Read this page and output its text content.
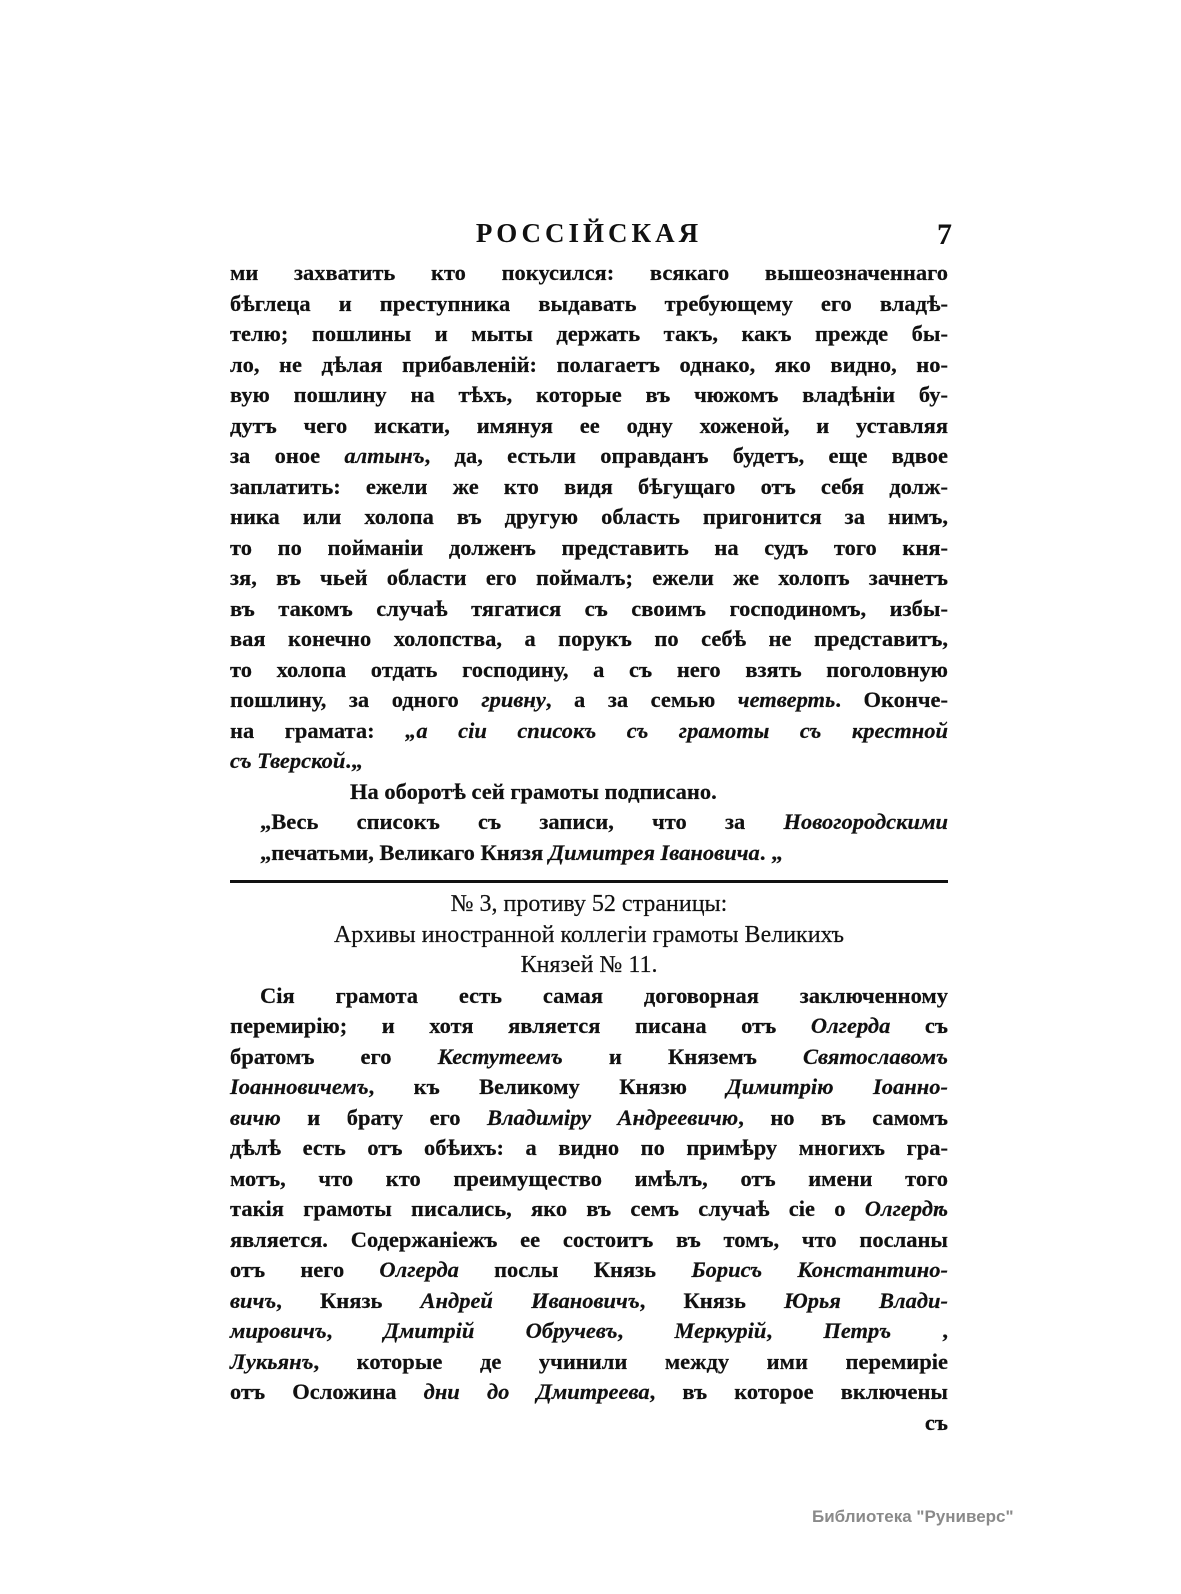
РОССІЙСКАЯ	7
ми захватить кто покусился: всякаго вышеозначеннаго
бѣглеца и преступника выдавать требующему его владѣ-
телю; пошлины и мыты держать такъ, какъ прежде бы-
ло, не дѣлая прибавленій: полагаетъ однако, яко видно, но-
вую пошлину на тѣхъ, которые въ чюжомъ владѣніи бу-
дутъ чего искати, имянуя ее одну хоженой, и уставляя
за оное алтынъ, да, естьли оправданъ будетъ, еще вдвое
заплатить: ежели же кто видя бѣгущаго отъ себя долж-
ника или холопа въ другую область пригонится за нимъ,
то по пойманіи долженъ представить на судъ того кня-
зя, въ чьей области его поймалъ; ежели же холопъ зачнетъ
въ такомъ случаѣ тягатися съ своимъ господиномъ, избы-
вая конечно холопства, а порукъ по себѣ не представитъ,
то холопа отдать господину, а съ него взять поголовную
пошлину, за одного гривну, а за семью четверть. Оконче-
на грамата: „а сіи списокъ съ грамоты съ крестной
съ Тверской.„
На оборотѣ сей грамоты подписано.
„Весь списокъ съ записи, что за Новогородскими
„печатьми, Великаго Князя Димитрея Івановича. „
№ 3, противу 52 страницы:
Архивы иностранной коллегіи грамоты Великихъ
Князей № 11.
Сія грамота есть самая договорная заключенному
перемирію; и хотя является писана отъ Олгерда съ
братомъ его Кестутеемъ и Княземъ Святославомъ
Іоанновичемъ, къ Великому Князю Димитрію Іоанно-
вичю и брату его Владиміру Андреевичю, но въ самомъ
дѣлѣ есть отъ обѣихъ: а видно по примѣру многихъ гра-
мотъ, что кто преимущество имѣлъ, отъ имени того
такія грамоты писались, яко въ семъ случаѣ сіе о Олгердѣ
является. Содержаніежъ ее состоитъ въ томъ, что посланы
отъ него Олгерда послы Князь Борисъ Константино-
вичъ, Князь Андрей Ивановичъ, Князь Юрья Влади-
мировичъ, Дмитрій Обручевъ, Меркурій, Петръ ,
Лукьянъ, которые де учинили между ими перемиріе
отъ Осложина дни до Дмитреева, въ которое включены
съ
Библиотека "Руниверс"
